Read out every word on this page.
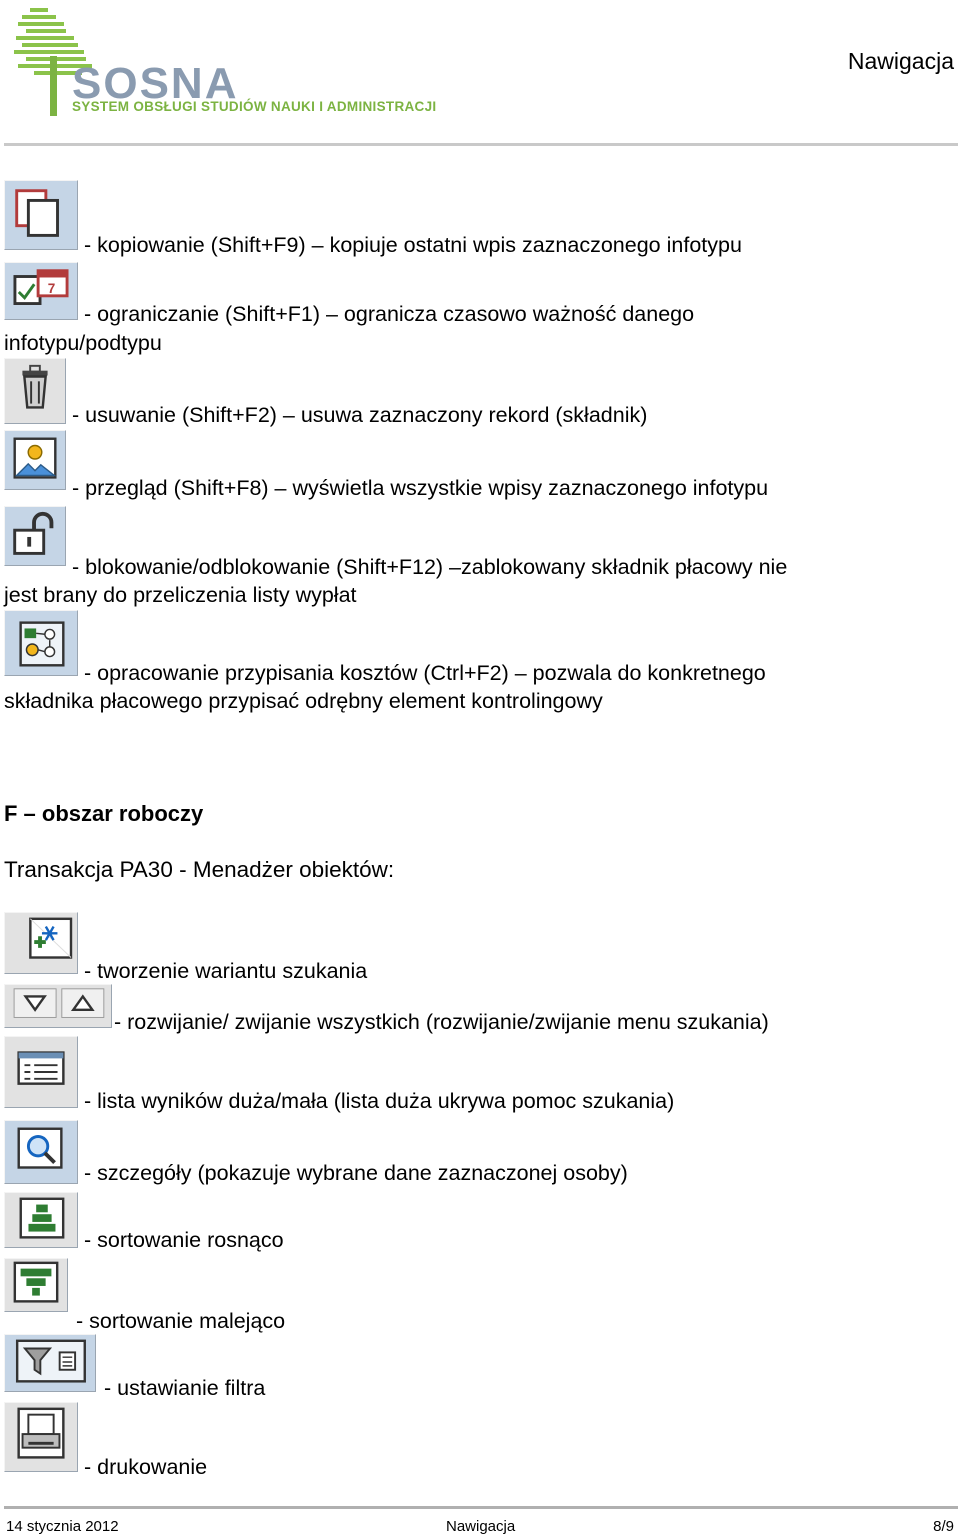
SOSNA
SYSTEM OBSŁUGI STUDIÓW NAUKI I ADMINISTRACJI
Nawigacja
- kopiowanie (Shift+F9) – kopiuje ostatni wpis zaznaczonego infotypu
7
- ograniczanie (Shift+F1) – ogranicza czasowo ważność danego
infotypu/podtypu
- usuwanie (Shift+F2) – usuwa zaznaczony rekord (składnik)
- przegląd (Shift+F8) – wyświetla wszystkie wpisy zaznaczonego infotypu
- blokowanie/odblokowanie (Shift+F12) –zablokowany składnik płacowy nie
jest brany do przeliczenia listy wypłat
- opracowanie przypisania kosztów (Ctrl+F2) – pozwala do konkretnego
składnika płacowego przypisać odrębny element kontrolingowy
F – obszar roboczy
Transakcja PA30 - Menadżer obiektów:
- tworzenie wariantu szukania
- rozwijanie/ zwijanie wszystkich (rozwijanie/zwijanie menu szukania)
- lista wyników duża/mała (lista duża ukrywa pomoc szukania)
- szczegóły (pokazuje wybrane dane zaznaczonej osoby)
- sortowanie rosnąco
- sortowanie malejąco
- ustawianie filtra
- drukowanie
14 stycznia 2012	Nawigacja	8/9
